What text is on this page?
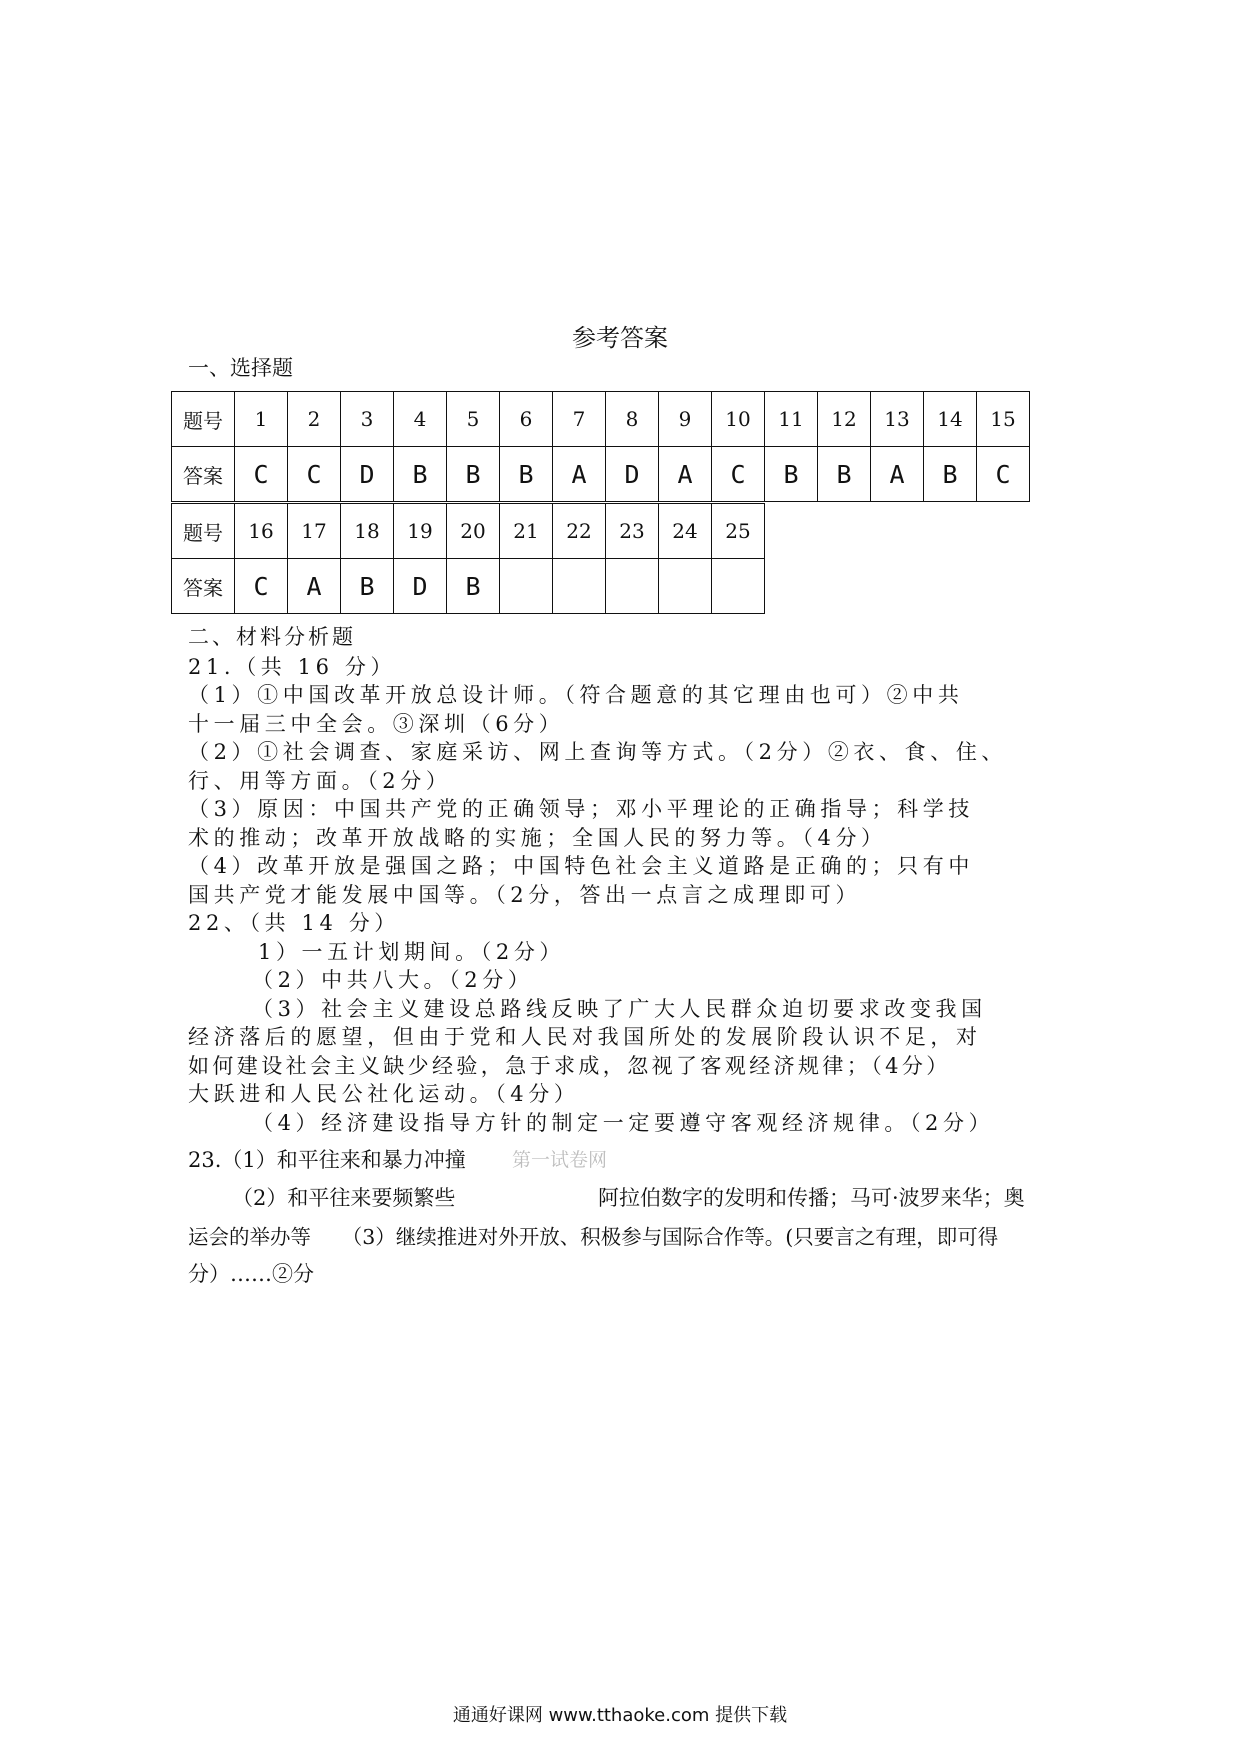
参考答案
一、选择题
题号	1	2	3	4	5	6	7	8	9	10	11	12	13	14	15
答案	C	C	D	B	B	B	A	D	A	C	B	B	A	B	C
题号	16	17	18	19	20	21	22	23	24	25
答案	C	A	B	D	B					
二、材料分析题
21.（共 16 分）
（1）①中国改革开放总设计师。（符合题意的其它理由也可）②中共
十一届三中全会。③深圳（6分）
（2）①社会调查、家庭采访、网上查询等方式。（2分）②衣、食、住、
行、用等方面。（2分）
（3）原因：中国共产党的正确领导；邓小平理论的正确指导；科学技
术的推动；改革开放战略的实施；全国人民的努力等。（4分）
（4）改革开放是强国之路；中国特色社会主义道路是正确的；只有中
国共产党才能发展中国等。（2分，答出一点言之成理即可）
22、（共 14 分）
1）一五计划期间。（2分）
（2）中共八大。（2分）
（3）社会主义建设总路线反映了广大人民群众迫切要求改变我国
经济落后的愿望，但由于党和人民对我国所处的发展阶段认识不足，对
如何建设社会主义缺少经验，急于求成，忽视了客观经济规律；（4分）
大跃进和人民公社化运动。（4分）
（4）经济建设指导方针的制定一定要遵守客观经济规律。（2分）
23.（1）和平往来和暴力冲撞 第一试卷网
（2）和平往来要频繁些	阿拉伯数字的发明和传播；马可·波罗来华；奥
运会的举办等　　（3）继续推进对外开放、积极参与国际合作等。(只要言之有理，即可得
分）……②分
通通好课网 www.tthaoke.com 提供下载
